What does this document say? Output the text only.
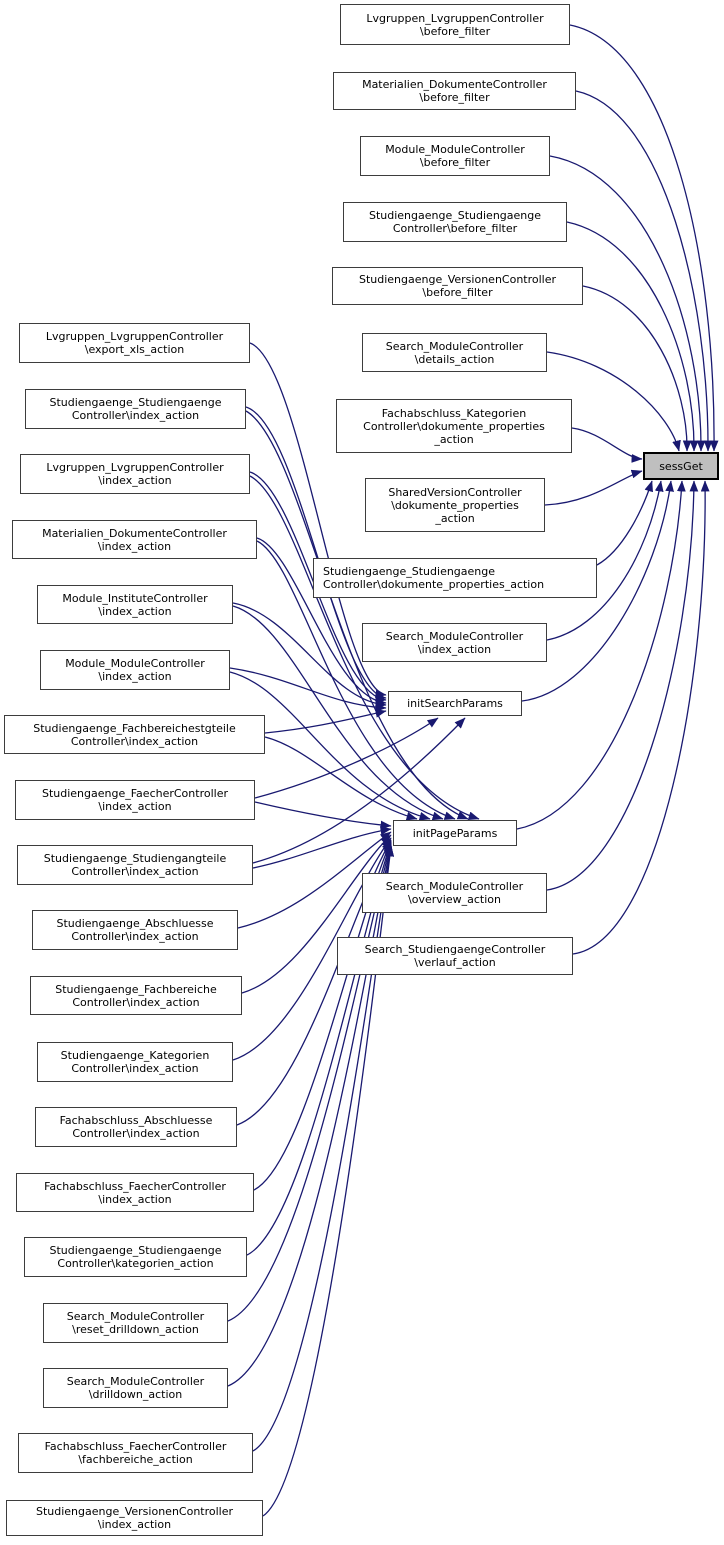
sessGet
initSearchParams
initPageParams
Lvgruppen_LvgruppenController
\before_filter
Materialien_DokumenteController
\before_filter
Module_ModuleController
\before_filter
Studiengaenge_Studiengaenge
Controller\before_filter
Studiengaenge_VersionenController
\before_filter
Search_ModuleController
\details_action
Fachabschluss_Kategorien
Controller\dokumente_properties
_action
SharedVersionController
\dokumente_properties
_action
Studiengaenge_Studiengaenge
Controller\dokumente_properties_action
Search_ModuleController
\index_action
Search_ModuleController
\overview_action
Search_StudiengaengeController
\verlauf_action
Lvgruppen_LvgruppenController
\export_xls_action
Studiengaenge_Studiengaenge
Controller\index_action
Lvgruppen_LvgruppenController
\index_action
Materialien_DokumenteController
\index_action
Module_InstituteController
\index_action
Module_ModuleController
\index_action
Studiengaenge_Fachbereichestgteile
Controller\index_action
Studiengaenge_FaecherController
\index_action
Studiengaenge_Studiengangteile
Controller\index_action
Studiengaenge_Abschluesse
Controller\index_action
Studiengaenge_Fachbereiche
Controller\index_action
Studiengaenge_Kategorien
Controller\index_action
Fachabschluss_Abschluesse
Controller\index_action
Fachabschluss_FaecherController
\index_action
Studiengaenge_Studiengaenge
Controller\kategorien_action
Search_ModuleController
\reset_drilldown_action
Search_ModuleController
\drilldown_action
Fachabschluss_FaecherController
\fachbereiche_action
Studiengaenge_VersionenController
\index_action
